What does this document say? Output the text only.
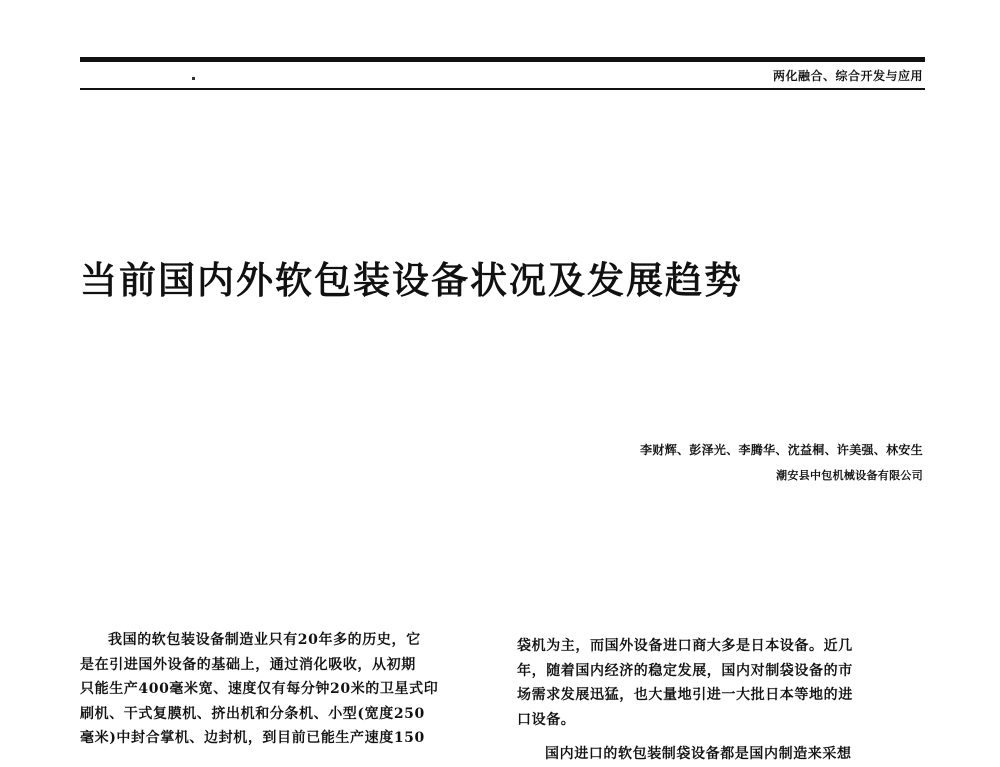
两化融合、综合开发与应用
当前国内外软包装设备状况及发展趋势
李财辉、彭泽光、李腾华、沈益桐、许美强、林安生
潮安县中包机械设备有限公司
我国的软包装设备制造业只有20年多的历史，它
是在引进国外设备的基础上，通过消化吸收，从初期
只能生产400毫米宽、速度仅有每分钟20米的卫星式印
刷机、干式复膜机、挤出机和分条机、小型(宽度250
毫米)中封合掌机、边封机，到目前已能生产速度150
袋机为主，而国外设备进口商大多是日本设备。近几
年，随着国内经济的稳定发展，国内对制袋设备的市
场需求发展迅猛，也大量地引进一大批日本等地的进
口设备。
国内进口的软包装制袋设备都是国内制造来采想
